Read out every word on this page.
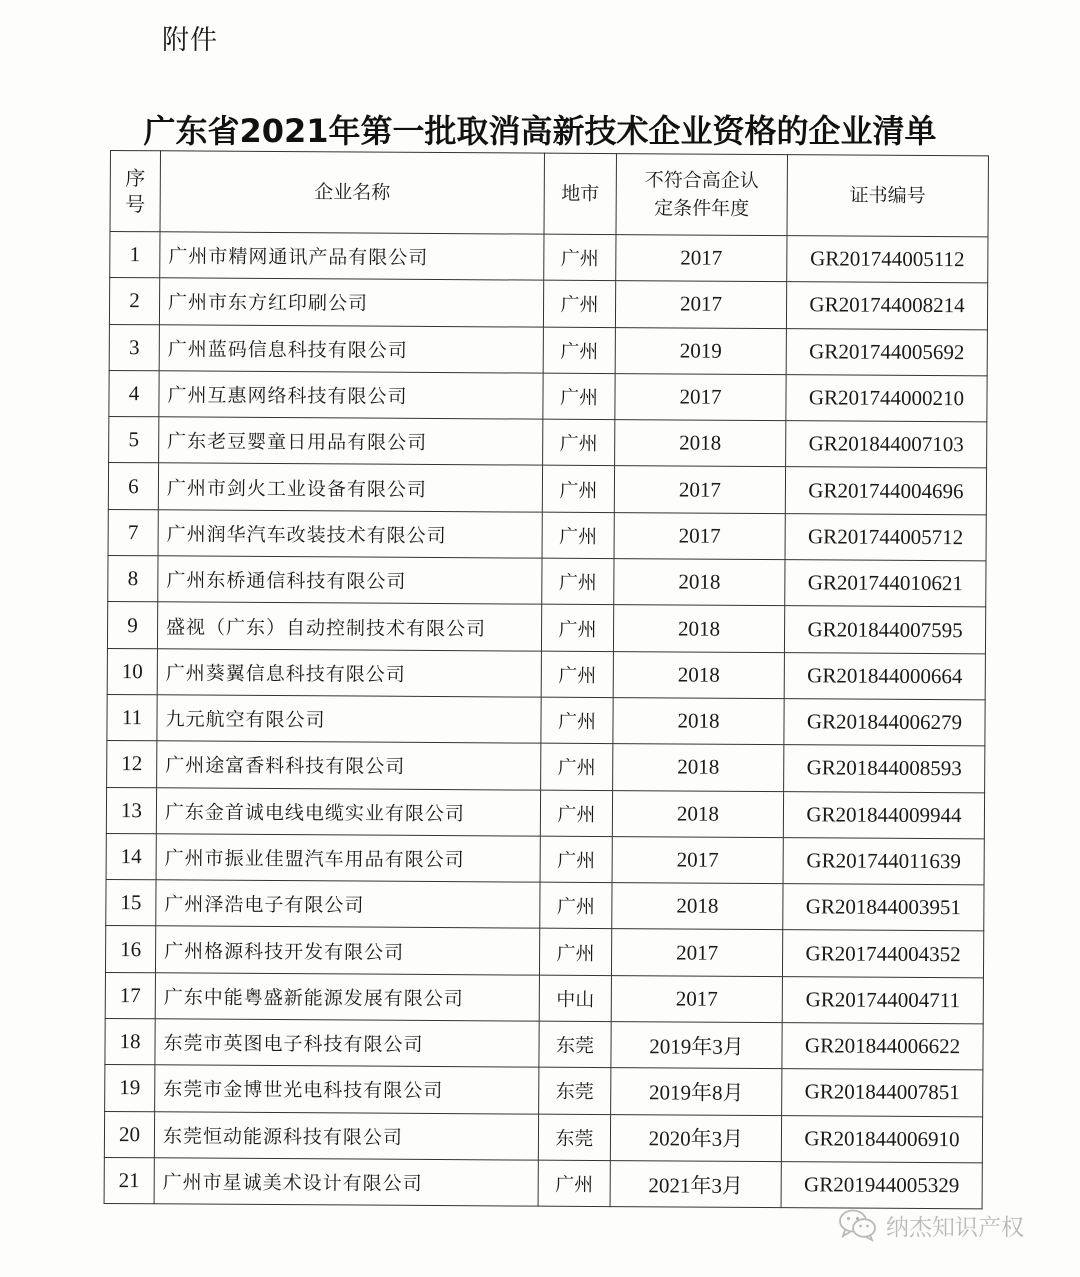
附件
广东省2021年第一批取消高新技术企业资格的企业清单
序号	企业名称	地市	不符合高企认定条件年度	证书编号
1	广州市精网通讯产品有限公司	广州	2017	GR201744005112
2	广州市东方红印刷公司	广州	2017	GR201744008214
3	广州蓝码信息科技有限公司	广州	2019	GR201744005692
4	广州互惠网络科技有限公司	广州	2017	GR201744000210
5	广东老豆婴童日用品有限公司	广州	2018	GR201844007103
6	广州市剑火工业设备有限公司	广州	2017	GR201744004696
7	广州润华汽车改装技术有限公司	广州	2017	GR201744005712
8	广州东桥通信科技有限公司	广州	2018	GR201744010621
9	盛视（广东）自动控制技术有限公司	广州	2018	GR201844007595
10	广州葵翼信息科技有限公司	广州	2018	GR201844000664
11	九元航空有限公司	广州	2018	GR201844006279
12	广州途富香料科技有限公司	广州	2018	GR201844008593
13	广东金首诚电线电缆实业有限公司	广州	2018	GR201844009944
14	广州市振业佳盟汽车用品有限公司	广州	2017	GR201744011639
15	广州泽浩电子有限公司	广州	2018	GR201844003951
16	广州格源科技开发有限公司	广州	2017	GR201744004352
17	广东中能粤盛新能源发展有限公司	中山	2017	GR201744004711
18	东莞市英图电子科技有限公司	东莞	2019年3月	GR201844006622
19	东莞市金博世光电科技有限公司	东莞	2019年8月	GR201844007851
20	东莞恒动能源科技有限公司	东莞	2020年3月	GR201844006910
21	广州市星诚美术设计有限公司	广州	2021年3月	GR201944005329
纳杰知识产权
